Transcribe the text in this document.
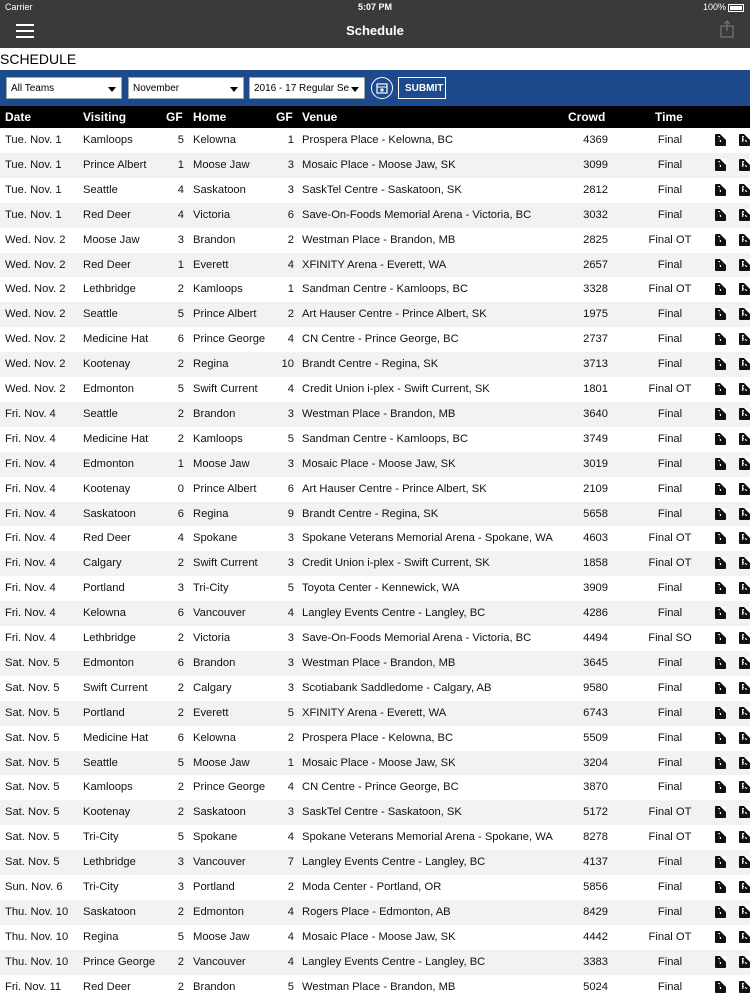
Carrier	5:07 PM	100%
Schedule
SCHEDULE
All Teams	November	2016 - 17 Regular Se	SUBMIT
Date	Visiting	GF Home	GF Venue	Crowd	Time
Tue. Nov. 1	Kamloops	5 Kelowna	1 Prospera Place - Kelowna, BC	4369	Final	T	R
Tue. Nov. 1	Prince Albert	1 Moose Jaw	3 Mosaic Place - Moose Jaw, SK	3099	Final	T	R
Tue. Nov. 1	Seattle	4 Saskatoon	3 SaskTel Centre - Saskatoon, SK	2812	Final	T	R
Tue. Nov. 1	Red Deer	4 Victoria	6 Save-On-Foods Memorial Arena - Victoria, BC	3032	Final	T	R
Wed. Nov. 2	Moose Jaw	3 Brandon	2 Westman Place - Brandon, MB	2825	Final OT	T	R
Wed. Nov. 2	Red Deer	1 Everett	4 XFINITY Arena - Everett, WA	2657	Final	T	R
Wed. Nov. 2	Lethbridge	2 Kamloops	1 Sandman Centre - Kamloops, BC	3328	Final OT	T	R
Wed. Nov. 2	Seattle	5 Prince Albert	2 Art Hauser Centre - Prince Albert, SK	1975	Final	T	R
Wed. Nov. 2	Medicine Hat	6 Prince George	4 CN Centre - Prince George, BC	2737	Final	T	R
Wed. Nov. 2	Kootenay	2 Regina	10 Brandt Centre - Regina, SK	3713	Final	T	R
Wed. Nov. 2	Edmonton	5 Swift Current	4 Credit Union i-plex - Swift Current, SK	1801	Final OT	T	R
Fri. Nov. 4	Seattle	2 Brandon	3 Westman Place - Brandon, MB	3640	Final	T	R
Fri. Nov. 4	Medicine Hat	2 Kamloops	5 Sandman Centre - Kamloops, BC	3749	Final	T	R
Fri. Nov. 4	Edmonton	1 Moose Jaw	3 Mosaic Place - Moose Jaw, SK	3019	Final	T	R
Fri. Nov. 4	Kootenay	0 Prince Albert	6 Art Hauser Centre - Prince Albert, SK	2109	Final	T	R
Fri. Nov. 4	Saskatoon	6 Regina	9 Brandt Centre - Regina, SK	5658	Final	T	R
Fri. Nov. 4	Red Deer	4 Spokane	3 Spokane Veterans Memorial Arena - Spokane, WA	4603	Final OT	T	R
Fri. Nov. 4	Calgary	2 Swift Current	3 Credit Union i-plex - Swift Current, SK	1858	Final OT	T	R
Fri. Nov. 4	Portland	3 Tri-City	5 Toyota Center - Kennewick, WA	3909	Final	T	R
Fri. Nov. 4	Kelowna	6 Vancouver	4 Langley Events Centre - Langley, BC	4286	Final	T	R
Fri. Nov. 4	Lethbridge	2 Victoria	3 Save-On-Foods Memorial Arena - Victoria, BC	4494	Final SO	T	R
Sat. Nov. 5	Edmonton	6 Brandon	3 Westman Place - Brandon, MB	3645	Final	T	R
Sat. Nov. 5	Swift Current	2 Calgary	3 Scotiabank Saddledome - Calgary, AB	9580	Final	T	R
Sat. Nov. 5	Portland	2 Everett	5 XFINITY Arena - Everett, WA	6743	Final	T	R
Sat. Nov. 5	Medicine Hat	6 Kelowna	2 Prospera Place - Kelowna, BC	5509	Final	T	R
Sat. Nov. 5	Seattle	5 Moose Jaw	1 Mosaic Place - Moose Jaw, SK	3204	Final	T	R
Sat. Nov. 5	Kamloops	2 Prince George	4 CN Centre - Prince George, BC	3870	Final	T	R
Sat. Nov. 5	Kootenay	2 Saskatoon	3 SaskTel Centre - Saskatoon, SK	5172	Final OT	T	R
Sat. Nov. 5	Tri-City	5 Spokane	4 Spokane Veterans Memorial Arena - Spokane, WA	8278	Final OT	T	R
Sat. Nov. 5	Lethbridge	3 Vancouver	7 Langley Events Centre - Langley, BC	4137	Final	T	R
Sun. Nov. 6	Tri-City	3 Portland	2 Moda Center - Portland, OR	5856	Final	T	R
Thu. Nov. 10	Saskatoon	2 Edmonton	4 Rogers Place - Edmonton, AB	8429	Final	T	R
Thu. Nov. 10	Regina	5 Moose Jaw	4 Mosaic Place - Moose Jaw, SK	4442	Final OT	T	R
Thu. Nov. 10	Prince George	2 Vancouver	4 Langley Events Centre - Langley, BC	3383	Final	T	R
Fri. Nov. 11	Red Deer	2 Brandon	5 Westman Place - Brandon, MB	5024	Final	T	R
